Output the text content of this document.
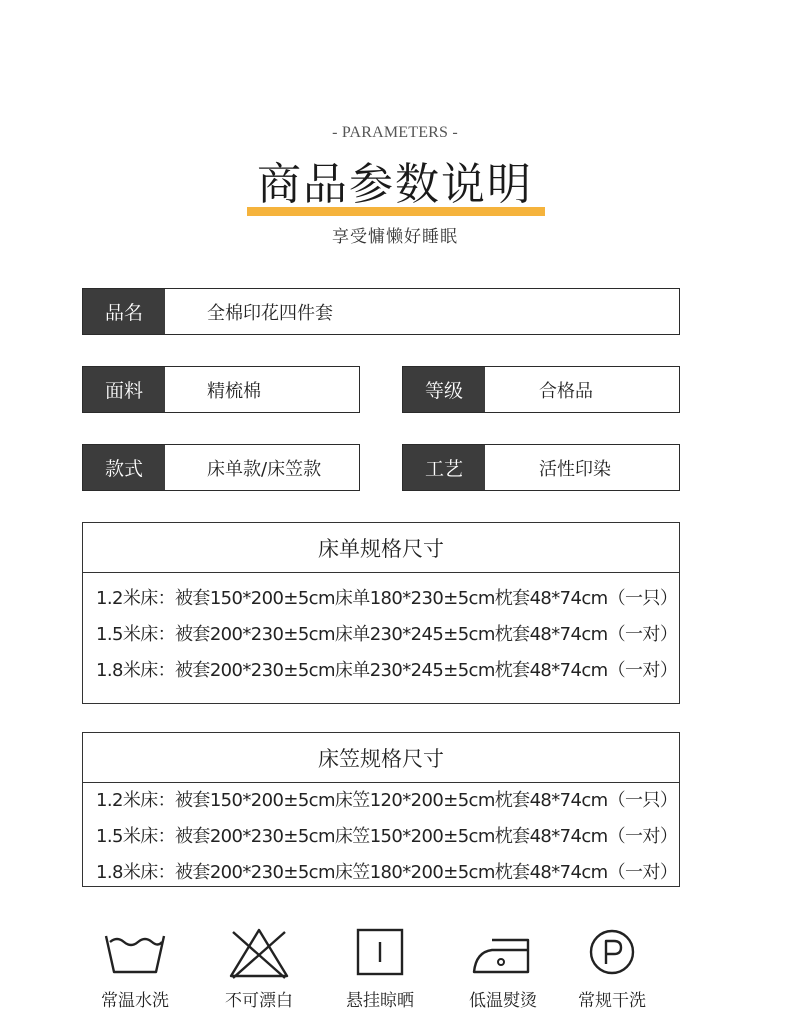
- PARAMETERS -
商品参数说明
享受慵懒好睡眠
品名	全棉印花四件套
面料	精梳棉	等级	合格品
款式	床单款/床笠款	工艺	活性印染
床单规格尺寸
1.2米床：被套150*200±5cm床单180*230±5cm枕套48*74cm（一只）
1.5米床：被套200*230±5cm床单230*245±5cm枕套48*74cm（一对）
1.8米床：被套200*230±5cm床单230*245±5cm枕套48*74cm（一对）
床笠规格尺寸
1.2米床：被套150*200±5cm床笠120*200±5cm枕套48*74cm（一只）
1.5米床：被套200*230±5cm床笠150*200±5cm枕套48*74cm（一对）
1.8米床：被套200*230±5cm床笠180*200±5cm枕套48*74cm（一对）
常温水洗	不可漂白	悬挂晾晒	低温熨烫	常规干洗
